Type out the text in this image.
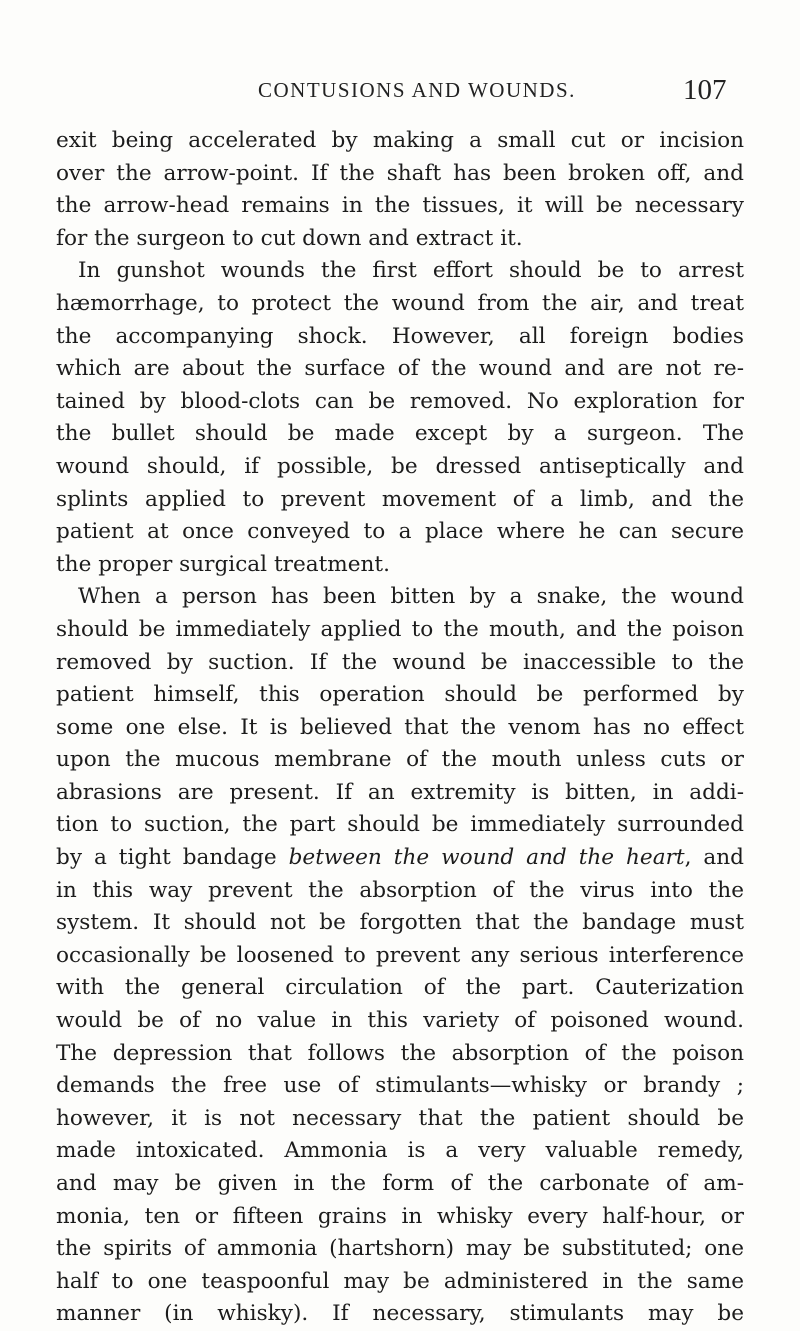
CONTUSIONS AND WOUNDS.	107
exit being accelerated by making a small cut or incision
over the arrow-point. If the shaft has been broken off, and
the arrow-head remains in the tissues, it will be necessary
for the surgeon to cut down and extract it.
In gunshot wounds the first effort should be to arrest
hæmorrhage, to protect the wound from the air, and treat
the accompanying shock. However, all foreign bodies
which are about the surface of the wound and are not re-
tained by blood-clots can be removed. No exploration for
the bullet should be made except by a surgeon. The
wound should, if possible, be dressed antiseptically and
splints applied to prevent movement of a limb, and the
patient at once conveyed to a place where he can secure
the proper surgical treatment.
When a person has been bitten by a snake, the wound
should be immediately applied to the mouth, and the poison
removed by suction. If the wound be inaccessible to the
patient himself, this operation should be performed by
some one else. It is believed that the venom has no effect
upon the mucous membrane of the mouth unless cuts or
abrasions are present. If an extremity is bitten, in addi-
tion to suction, the part should be immediately surrounded
by a tight bandage between the wound and the heart, and
in this way prevent the absorption of the virus into the
system. It should not be forgotten that the bandage must
occasionally be loosened to prevent any serious interference
with the general circulation of the part. Cauterization
would be of no value in this variety of poisoned wound.
The depression that follows the absorption of the poison
demands the free use of stimulants—whisky or brandy ;
however, it is not necessary that the patient should be
made intoxicated. Ammonia is a very valuable remedy,
and may be given in the form of the carbonate of am-
monia, ten or fifteen grains in whisky every half-hour, or
the spirits of ammonia (hartshorn) may be substituted; one
half to one teaspoonful may be administered in the same
manner (in whisky). If necessary, stimulants may be
